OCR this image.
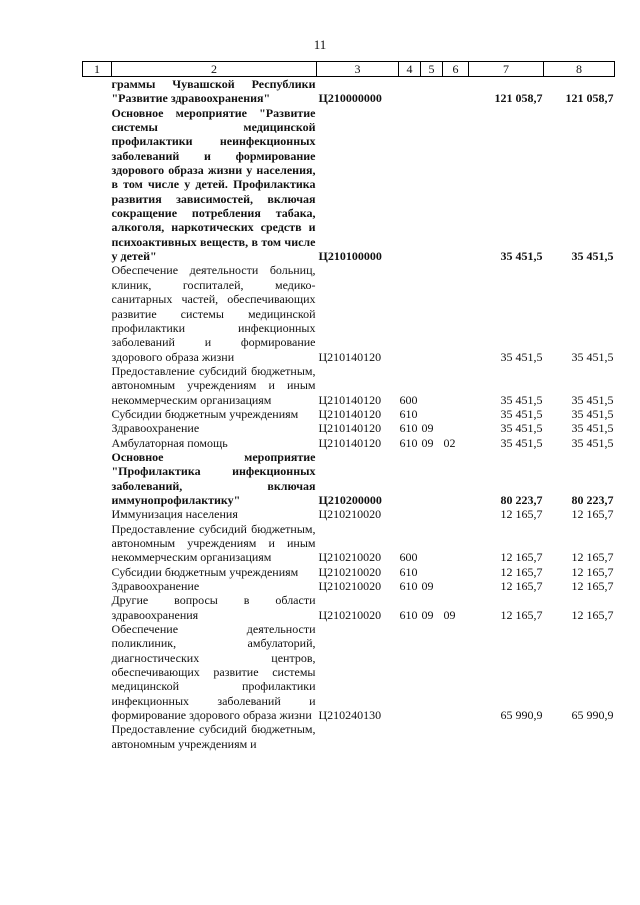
11
1	2	3	4	5	6	7	8
	граммы Чувашской Республики "Развитие здравоохранения"	Ц210000000				121 058,7	121 058,7
	Основное мероприятие "Развитие системы медицинской профилактики неинфекционных заболеваний и формирование здорового образа жизни у населения, в том числе у детей. Профилактика развития зависимостей, включая сокращение потребления табака, алкоголя, наркотических средств и психоактивных веществ, в том числе у детей"	Ц210100000				35 451,5	35 451,5
	Обеспечение деятельности больниц, клиник, госпиталей, медико-санитарных частей, обеспечивающих развитие системы медицинской профилактики инфекционных заболеваний и формирование здорового образа жизни	Ц210140120				35 451,5	35 451,5
	Предоставление субсидий бюджетным, автономным учреждениям и иным некоммерческим организациям	Ц210140120	600			35 451,5	35 451,5
	Субсидии бюджетным учреждениям	Ц210140120	610			35 451,5	35 451,5
	Здравоохранение	Ц210140120	610	09		35 451,5	35 451,5
	Амбулаторная помощь	Ц210140120	610	09	02	35 451,5	35 451,5
	Основное мероприятие "Профилактика инфекционных заболеваний, включая иммунопрофилактику"	Ц210200000				80 223,7	80 223,7
	Иммунизация населения	Ц210210020				12 165,7	12 165,7
	Предоставление субсидий бюджетным, автономным учреждениям и иным некоммерческим организациям	Ц210210020	600			12 165,7	12 165,7
	Субсидии бюджетным учреждениям	Ц210210020	610			12 165,7	12 165,7
	Здравоохранение	Ц210210020	610	09		12 165,7	12 165,7
	Другие вопросы в области здравоохранения	Ц210210020	610	09	09	12 165,7	12 165,7
	Обеспечение деятельности поликлиник, амбулаторий, диагностических центров, обеспечивающих развитие системы медицинской профилактики инфекционных заболеваний и формирование здорового образа жизни	Ц210240130				65 990,9	65 990,9
	Предоставление субсидий бюджетным, автономным учреждениям и						
